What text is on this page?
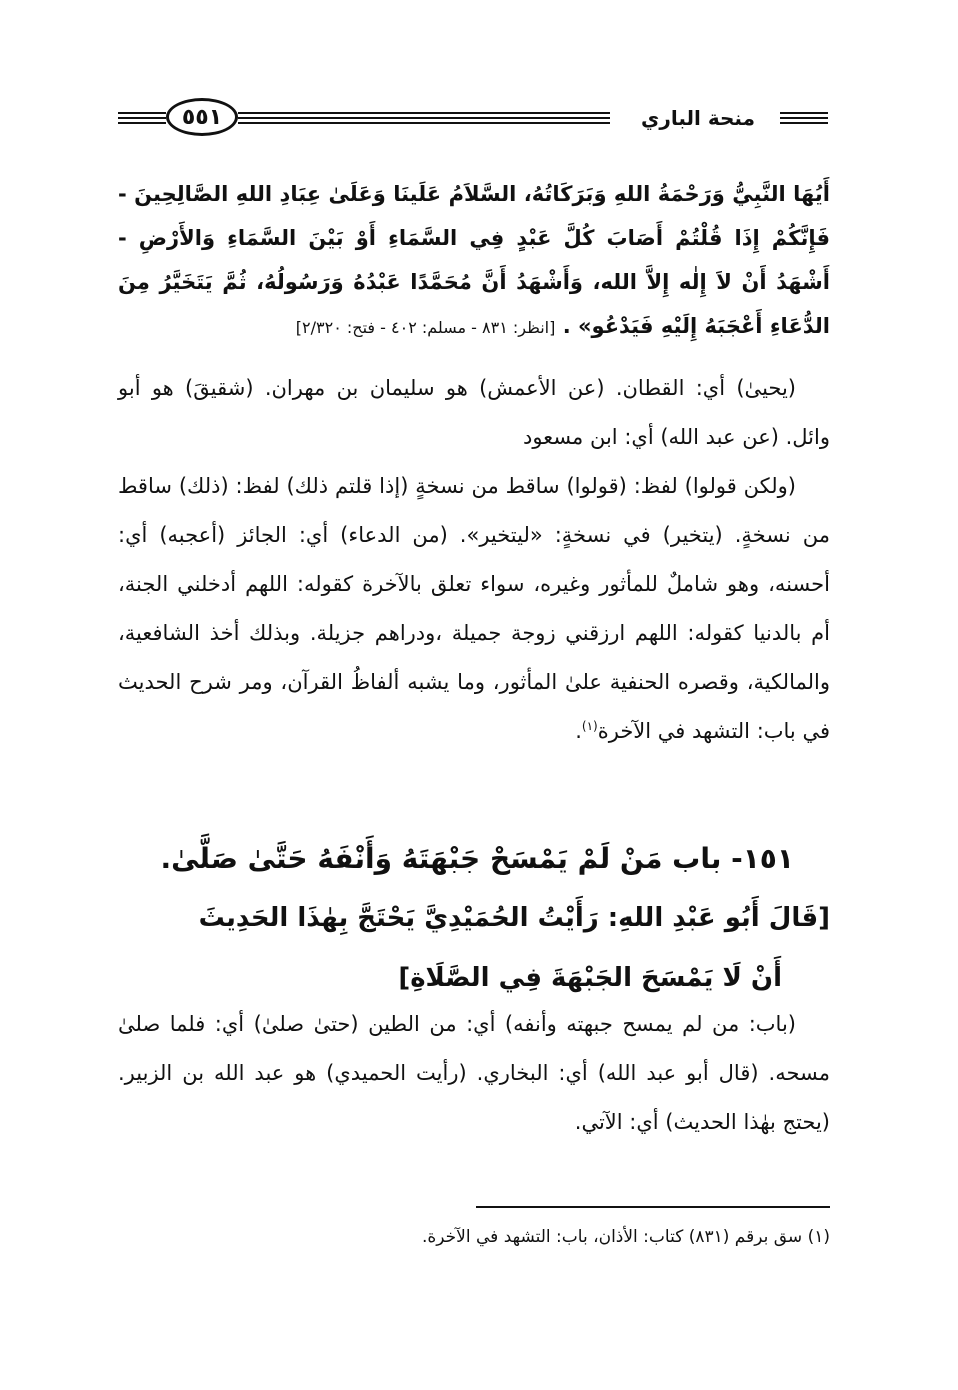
٥٥١	منحة الباري
أَيُهَا النَّبِيُّ وَرَحْمَةُ اللهِ وَبَرَكَاتُهُ، السَّلاَمُ عَلَينَا وَعَلَىٰ عِبَادِ اللهِ الصَّالِحِينَ - فَإِنَّكُمْ إِذَا قُلْتُمْ أَصَابَ كُلَّ عَبْدٍ فِي السَّمَاءِ أَوْ بَيْنَ السَّمَاءِ وَالأَرْضِ - أَشْهَدُ أَنْ لاَ إِلٰه إِلاَّ الله، وَأَشْهَدُ أَنَّ مُحَمَّدًا عَبْدُهُ وَرَسُولُهُ، ثُمَّ يَتَخَيَّرُ مِنَ الدُّعَاءِ أَعْجَبَهُ إِلَيْهِ فَيَدْعُو» . [انظر: ٨٣١ - مسلم: ٤٠٢ - فتح: ٢/٣٢٠]
(يحيىٰ) أي: القطان. (عن الأعمش) هو سليمان بن مهران. (شقيقَ) هو أبو وائل. (عن عبد الله) أي: ابن مسعود
(ولكن قولوا) لفظ: (قولوا) ساقط من نسخةٍ (إذا قلتم ذلك) لفظ: (ذلك) ساقط من نسخةٍ. (يتخير) في نسخةٍ: «ليتخير». (من الدعاء) أي: الجائز (أعجبه) أي: أحسنه، وهو شاملٌ للمأثور وغيره، سواء تعلق بالآخرة كقوله: اللهم أدخلني الجنة، أم بالدنيا كقوله: اللهم ارزقني زوجة جميلة ،ودراهم جزيلة. وبذلك أخذ الشافعية، والمالكية، وقصره الحنفية علىٰ المأثور، وما يشبه ألفاظُ القرآن، ومر شرح الحديث في باب: التشهد في الآخرة$^{(١)}$.
١٥١- باب مَنْ لَمْ يَمْسَحْ جَبْهَتَهُ وَأَنْفَهُ حَتَّىٰ صَلَّىٰ.
[قَالَ أَبُو عَبْدِ اللهِ: رَأَيْتُ الحُمَيْدِيَّ يَحْتَجَّ بِهٰذَا الحَدِيثَ
أَنْ لَا يَمْسَحَ الجَبْهَةَ فِي الصَّلَاةِ]
(باب: من لم يمسح جبهته وأنفه) أي: من الطين (حتىٰ صلىٰ) أي: فلما صلىٰ مسحه. (قال أبو عبد الله) أي: البخاري. (رأيت الحميدي) هو عبد الله بن الزبير. (يحتج بهٰذا الحديث) أي: الآتي.
(١) سق برقم (٨٣١) كتاب: الأذان، باب: التشهد في الآخرة.
